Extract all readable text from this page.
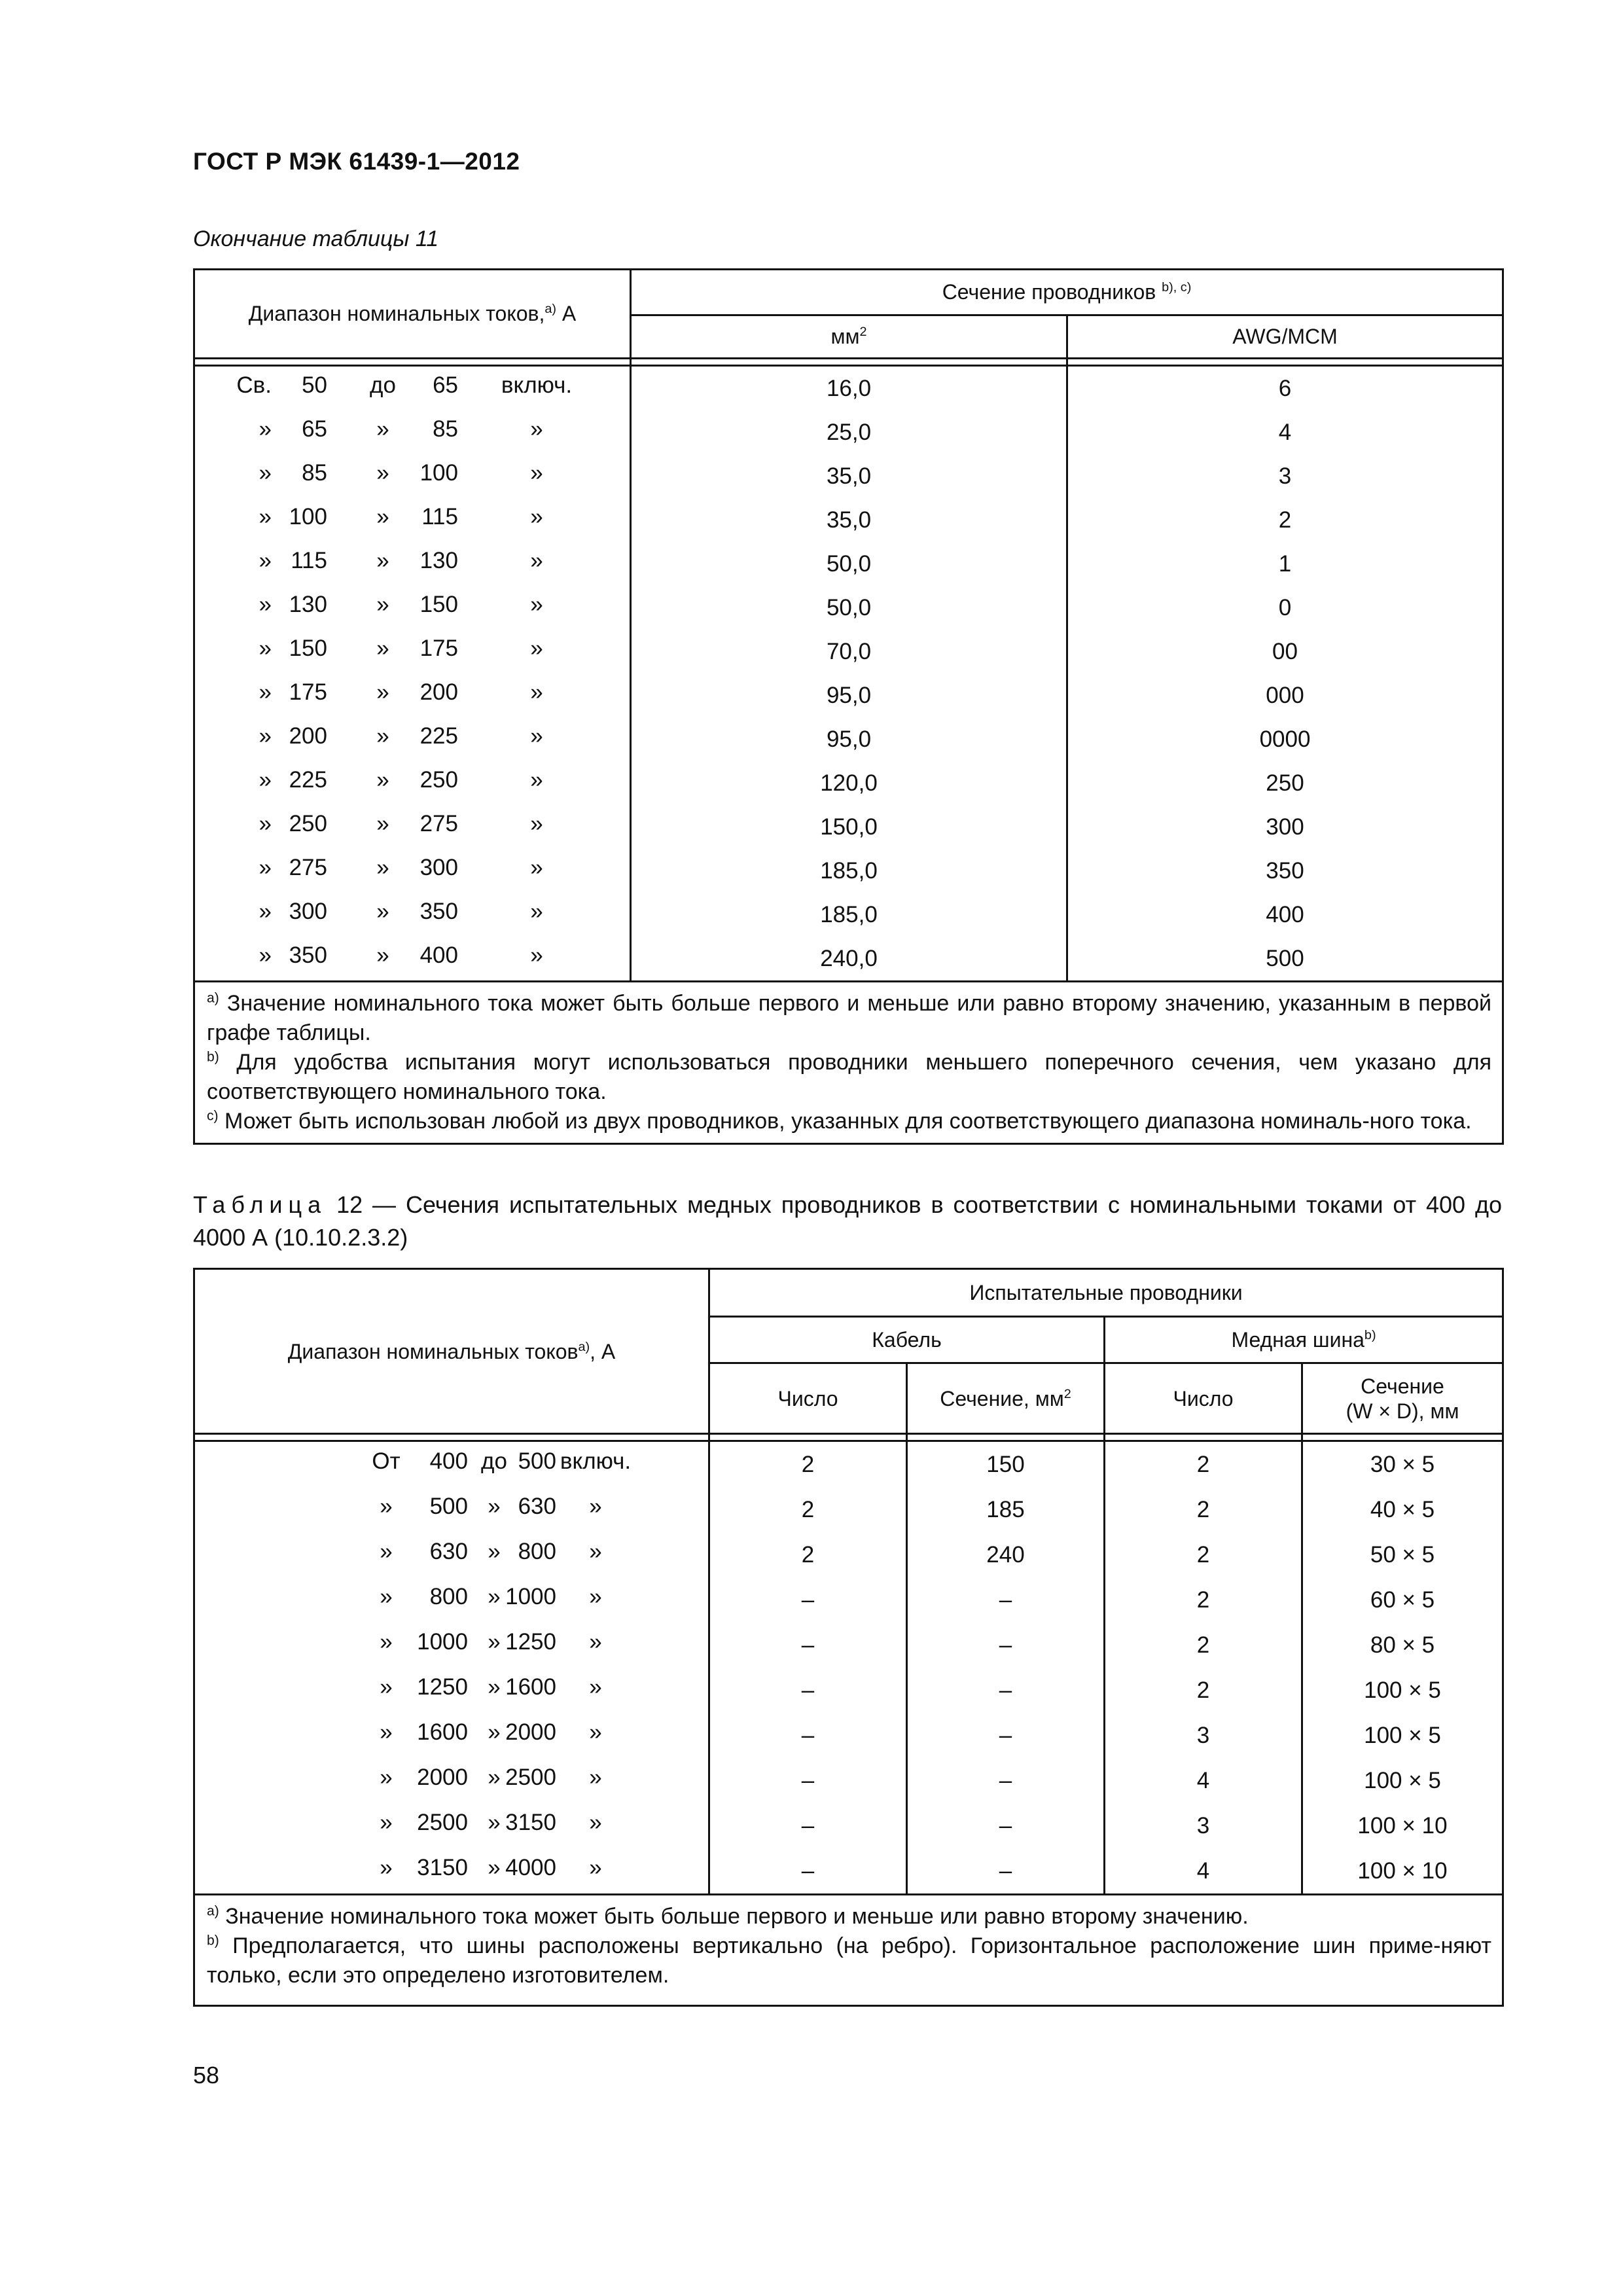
ГОСТ Р МЭК 61439-1—2012
Окончание таблицы 11
Диапазон номинальных токов,$^{а)}$ А	Сечение проводников $^{b), c)}$
	$мм^2$	AWG/MCM

Св. 50 до 65 включ.	16,0	6

» 65 » 85 »	25,0	4

» 85 » 100 »	35,0	3

» 100 » 115 »	35,0	2

» 115 » 130 »	50,0	1

» 130 » 150 »	50,0	0

» 150 » 175 »	70,0	00

» 175 » 200 »	95,0	000

» 200 » 225 »	95,0	0000

» 225 » 250 »	120,0	250

» 250 » 275 »	150,0	300

» 275 » 300 »	185,0	350

» 300 » 350 »	185,0	400

» 350 » 400 »	240,0	500

$^{а)}$ Значение номинального тока может быть больше первого и меньше или равно второму значению, указанным в первой графе таблицы.
$^{b)}$ Для удобства испытания могут использоваться проводники меньшего поперечного сечения, чем указано для соответствующего номинального тока.
$^{c)}$ Может быть использован любой из двух проводников, указанных для соответствующего диапазона номиналь-ного тока.		
Таблица 12 — Сечения испытательных медных проводников в соответствии с номинальными токами от 400 до 4000 А (10.10.2.3.2)
Диапазон номинальных токов$^{а)}$, А	Испытательные проводники			
	Кабель		Медная шина$^{b)}$
	Число	Сечение, $мм^2$	Число	Сечение
(W × D), мм

От 400 до 500 включ.	2	150	2	30 × 5

» 500 » 630 »	2	185	2	40 × 5

» 630 » 800 »	2	240	2	50 × 5

» 800 » 1000 »	–	–	2	60 × 5

» 1000 » 1250 »	–	–	2	80 × 5

» 1250 » 1600 »	–	–	2	100 × 5

» 1600 » 2000 »	–	–	3	100 × 5

» 2000 » 2500 »	–	–	4	100 × 5

» 2500 » 3150 »	–	–	3	100 × 10

» 3150 » 4000 »	–	–	4	100 × 10

$^{а)}$ Значение номинального тока может быть больше первого и меньше или равно второму значению.
$^{b)}$ Предполагается, что шины расположены вертикально (на ребро). Горизонтальное расположение шин приме-няют только, если это определено изготовителем.				
58
